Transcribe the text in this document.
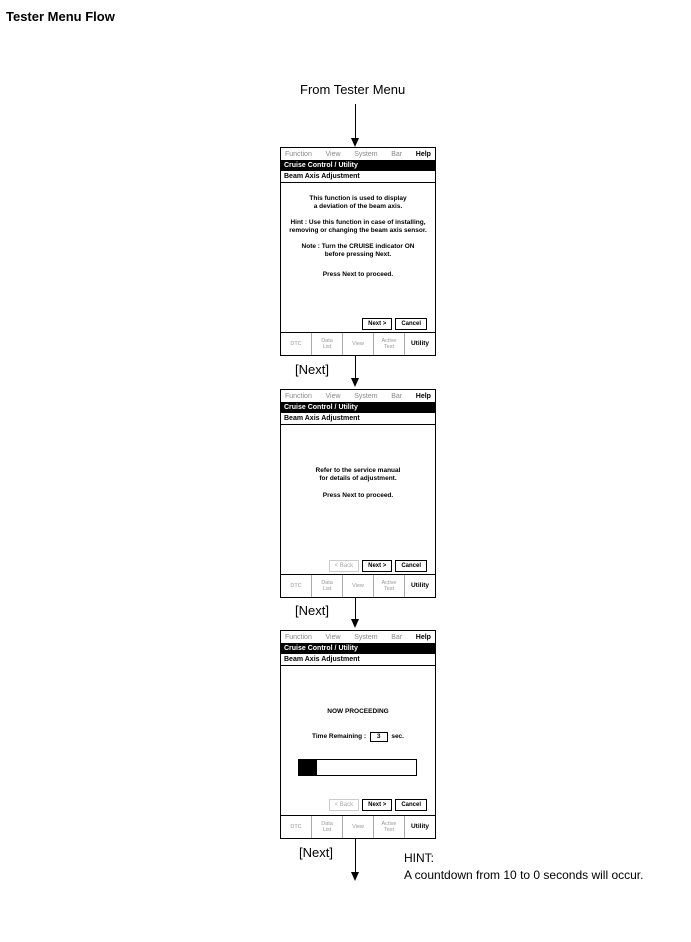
Tester Menu Flow
From Tester Menu
Function View System Bar Help
Cruise Control / Utility
Beam Axis Adjustment

This function is used to display

a deviation of the beam axis.

Hint : Use this function in case of installing,

removing or changing the beam axis sensor.

Note : Turn the CRUISE indicator ON

before pressing Next.

Press Next to proceed.

Next >	Cancel
DTC	Data
List	View	Active
Test	Utility
[Next]
Function View System Bar Help
Cruise Control / Utility
Beam Axis Adjustment

Refer to the service manual

for details of adjustment.

Press Next to proceed.

< Back	Next >	Cancel
DTC	Data
List	View	Active
Test	Utility
[Next]
Function View System Bar Help
Cruise Control / Utility
Beam Axis Adjustment

NOW PROCEEDING

Time Remaining : 3 sec.

< Back	Next >	Cancel
DTC	Data
List	View	Active
Test	Utility
[Next]	HINT:
A countdown from 10 to 0 seconds will occur.
